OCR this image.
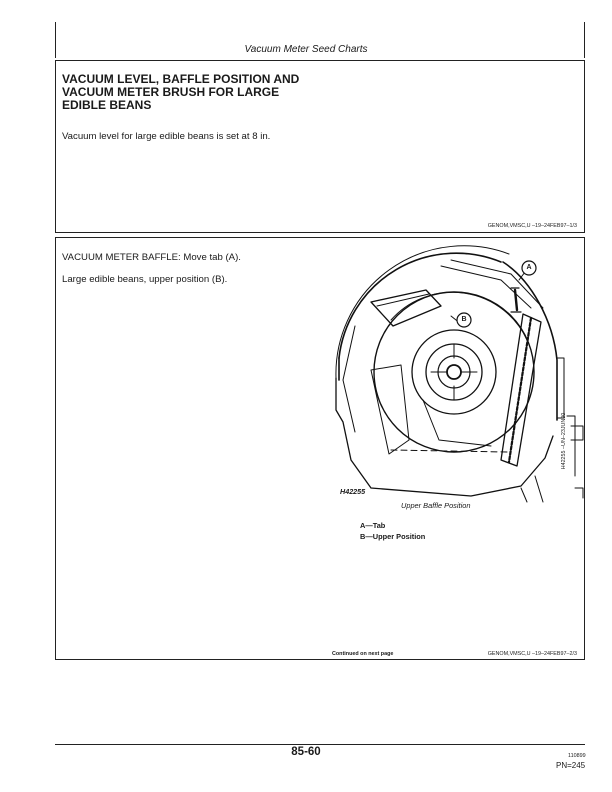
Vacuum Meter Seed Charts
VACUUM LEVEL, BAFFLE POSITION AND
VACUUM METER BRUSH FOR LARGE
EDIBLE BEANS
Vacuum level for large edible beans is set at 8 in.
GENOM,VMSC,U –19–24FEB97–1/3
VACUUM METER BAFFLE: Move tab (A).
Large edible beans, upper position (B).
A
B
H42255
H42255 –UN–23JUN00
Upper Baffle Position
A—Tab
B—Upper Position
Continued on next page	GENOM,VMSC,U –19–24FEB97–2/3
85-60	110899
PN=245
